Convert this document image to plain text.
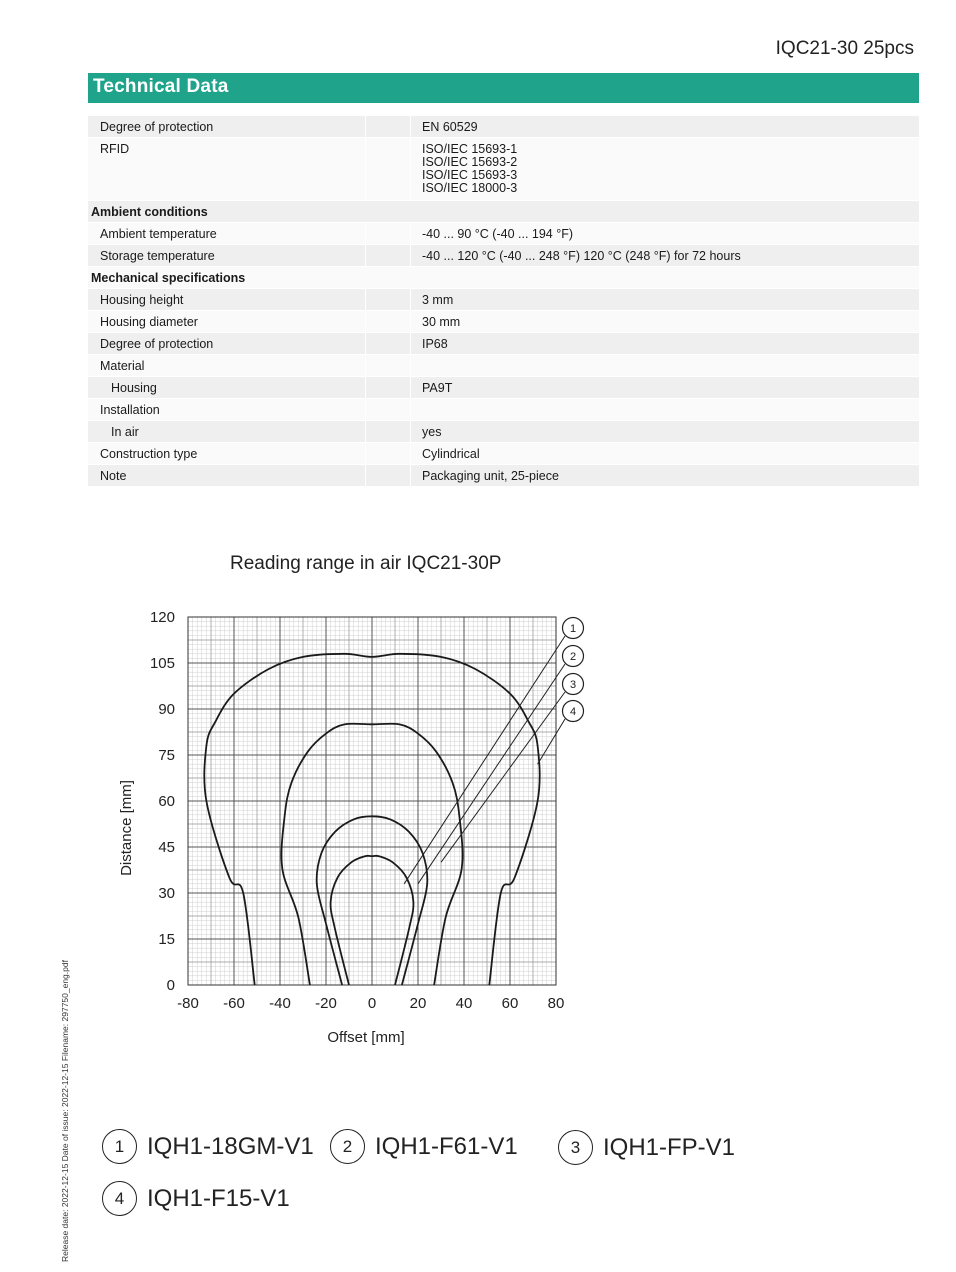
IQC21-30 25pcs
Technical Data
Degree of protection	EN 60529
RFID	ISO/IEC 15693-1
ISO/IEC 15693-2
ISO/IEC 15693-3
ISO/IEC 18000-3
Ambient conditions
Ambient temperature	-40 ... 90 °C (-40 ... 194 °F)
Storage temperature	-40 ... 120 °C (-40 ... 248 °F) 120 °C (248 °F) for 72 hours
Mechanical specifications
Housing height	3 mm
Housing diameter	30 mm
Degree of protection	IP68
Material
Housing	PA9T
Installation
In air	yes
Construction type	Cylindrical
Note	Packaging unit, 25-piece
Reading range in air IQC21-30P
-80 -60 -40 -20 0 20 40 60 80
0
15
30
45
60
75
90
105
120
Offset [mm]
Distance [mm]
1
2
3
4
1 IQH1-18GM-V1	2 IQH1-F61-V1	3 IQH1-FP-V1
4 IQH1-F15-V1
Release date: 2022-12-15 Date of issue: 2022-12-15 Filename: 297750_eng.pdf
